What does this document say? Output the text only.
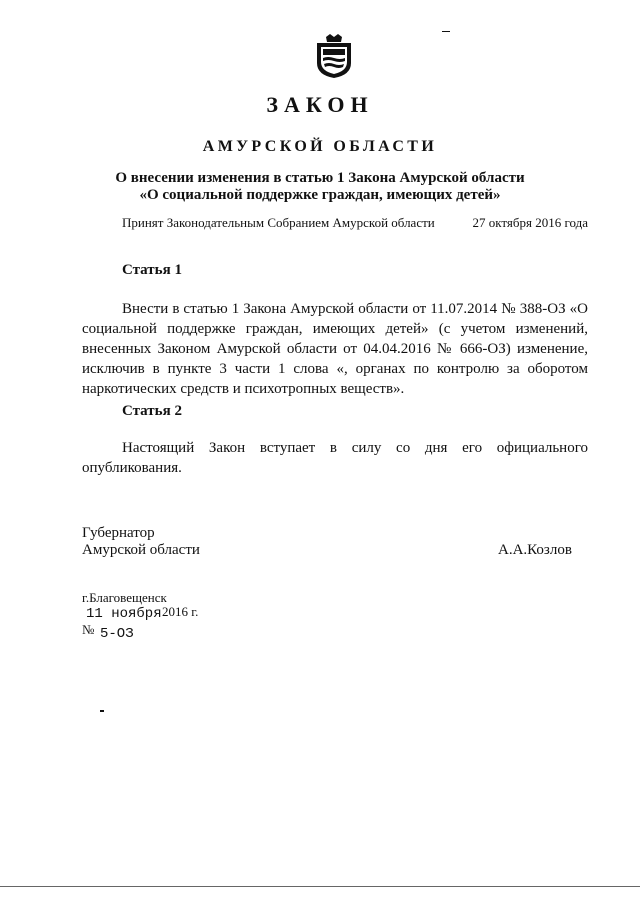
ЗАКОН
АМУРСКОЙ ОБЛАСТИ
О внесении изменения в статью 1 Закона Амурской области
«О социальной поддержке граждан, имеющих детей»
Принят Законодательным Собранием Амурской области	27 октября 2016 года
Статья 1
Внести в статью 1 Закона Амурской области от 11.07.2014 № 388-ОЗ «О социальной поддержке граждан, имеющих детей» (с учетом изменений, внесенных Законом Амурской области от 04.04.2016 № 666-ОЗ) изменение, исключив в пункте 3 части 1 слова «, органах по контролю за оборотом наркотических средств и психотропных веществ».
Статья 2
Настоящий Закон вступает в силу со дня его официального опубликования.
Губернатор
Амурской области	А.А.Козлов
г.Благовещенск
11 ноября 2016 г.
№ 5-ОЗ
